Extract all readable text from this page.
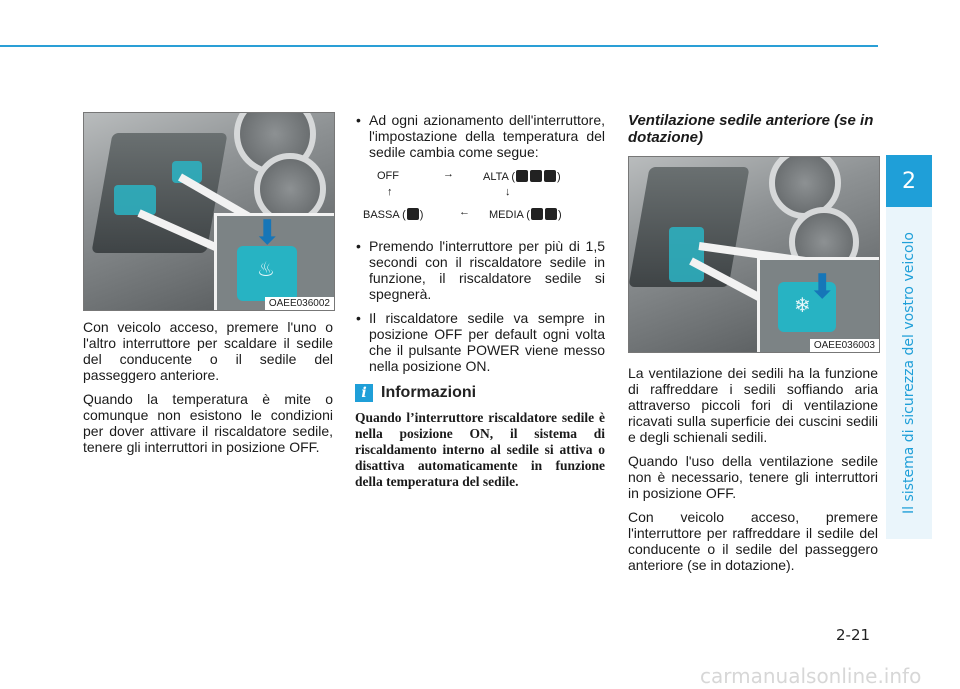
2
Il sistema di sicurezza del vostro veicolo
⬇
♨
OAEE036002

Con veicolo acceso, premere l'uno o l'altro interruttore per scaldare il sedile del conducente o il sedile del passeggero anteriore.

Quando la temperatura è mite o comunque non esistono le condizioni per dover attivare il riscaldatore sedile, tenere gli interruttori in posizione OFF.

• Ad ogni azionamento dell'interruttore, l'impostazione della temperatura del sedile cambia come segue:

OFF	→	ALTA (	)
↑	↓
BASSA ( )	← MEDIA (	)

• Premendo l'interruttore per più di 1,5 secondi con il riscaldatore sedile in funzione, il riscaldatore sedile si spegnerà.

• Il riscaldatore sedile va sempre in posizione OFF per default ogni volta che il pulsante POWER viene messo nella posizione ON.

i Informazioni

Quando l’interruttore riscaldatore sedile è nella posizione ON, il sistema di riscaldamento interno al sedile si attiva o disattiva automaticamente in funzione della temperatura del sedile.

Ventilazione sedile anteriore (se in dotazione)
⬇
❄
OAEE036003

La ventilazione dei sedili ha la funzione di raffreddare i sedili soffiando aria attraverso piccoli fori di ventilazione ricavati sulla superficie dei cuscini sedili e degli schienali sedili.

Quando l'uso della ventilazione sedile non è necessario, tenere gli interruttori in posizione OFF.

Con veicolo acceso, premere l'interruttore per raffreddare il sedile del conducente o il sedile del passeggero anteriore (se in dotazione).

2-21
carmanualsonline.info
